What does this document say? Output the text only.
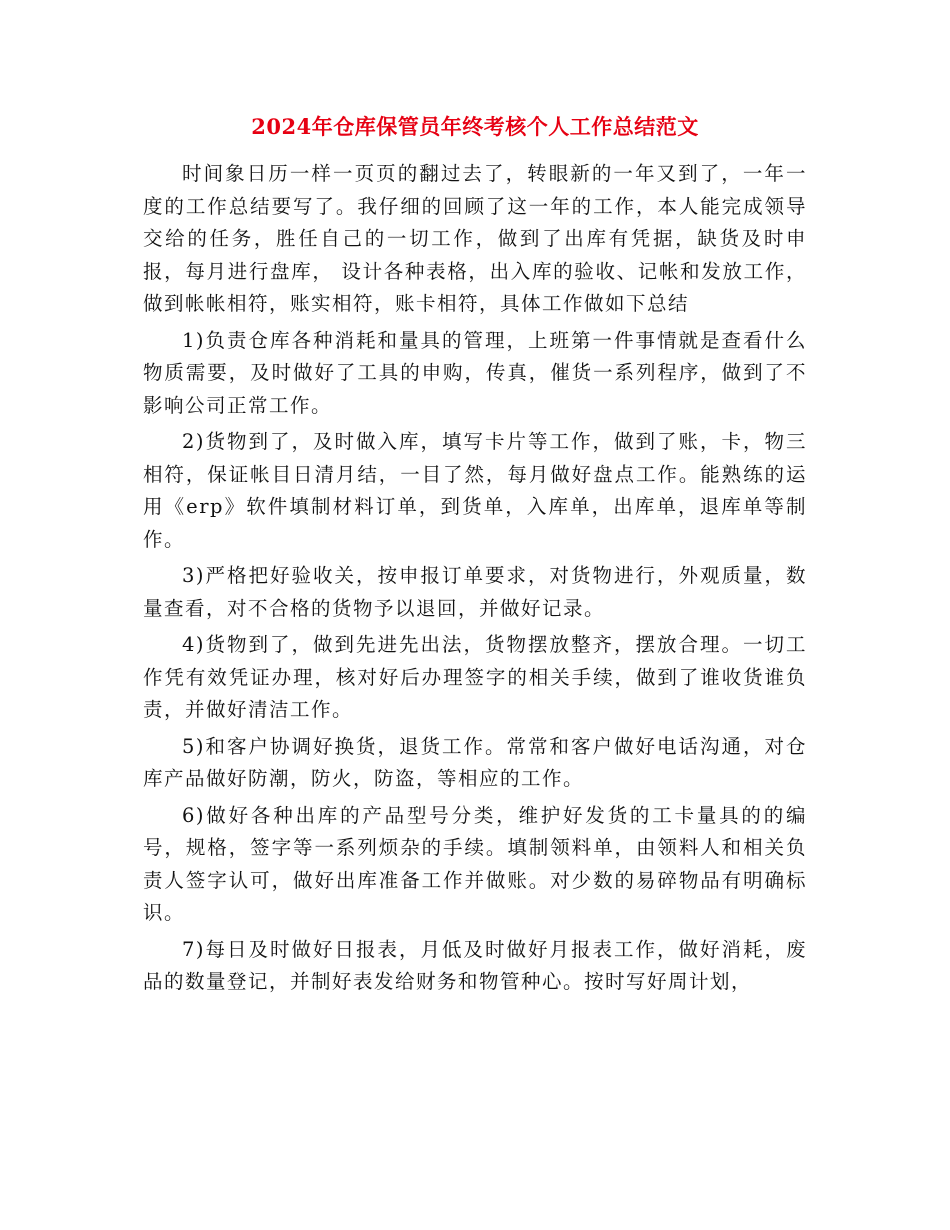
2024年仓库保管员年终考核个人工作总结范文

时间象日历一样一页页的翻过去了，转眼新的一年又到了，一年一度的工作总结要写了。我仔细的回顾了这一年的工作，本人能完成领导交给的任务，胜任自己的一切工作，做到了出库有凭据，缺货及时申报，每月进行盘库， 设计各种表格，出入库的验收、记帐和发放工作，做到帐帐相符，账实相符，账卡相符，具体工作做如下总结

1)负责仓库各种消耗和量具的管理，上班第一件事情就是查看什么物质需要，及时做好了工具的申购，传真，催货一系列程序，做到了不影响公司正常工作。

2)货物到了，及时做入库，填写卡片等工作，做到了账，卡，物三相符，保证帐目日清月结，一目了然，每月做好盘点工作。能熟练的运用《erp》软件填制材料订单，到货单，入库单，出库单，退库单等制作。

3)严格把好验收关，按申报订单要求，对货物进行，外观质量，数量查看，对不合格的货物予以退回，并做好记录。

4)货物到了，做到先进先出法，货物摆放整齐，摆放合理。一切工作凭有效凭证办理，核对好后办理签字的相关手续，做到了谁收货谁负责，并做好清洁工作。

5)和客户协调好换货，退货工作。常常和客户做好电话沟通，对仓库产品做好防潮，防火，防盗，等相应的工作。

6)做好各种出库的产品型号分类，维护好发货的工卡量具的的编号，规格，签字等一系列烦杂的手续。填制领料单，由领料人和相关负责人签字认可，做好出库准备工作并做账。对少数的易碎物品有明确标识。

7)每日及时做好日报表，月低及时做好月报表工作，做好消耗，废品的数量登记，并制好表发给财务和物管种心。按时写好周计划，
